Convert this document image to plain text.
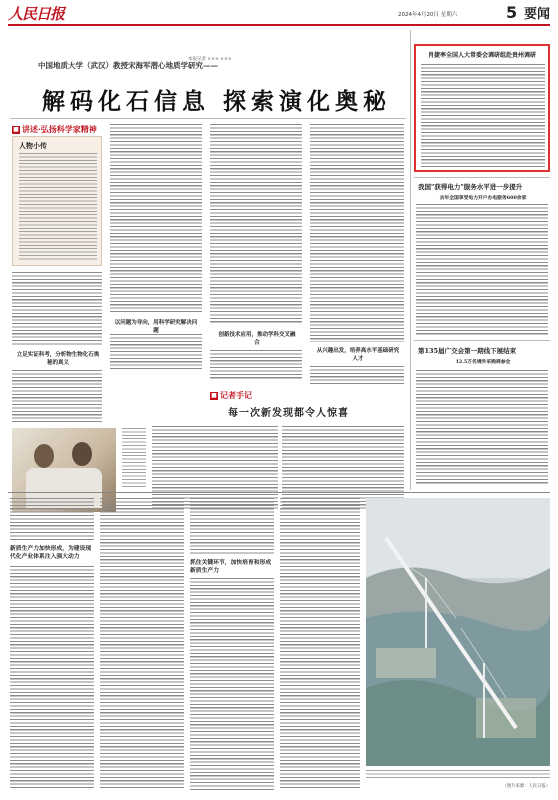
人民日报	2024年4月20日 星期六	5 要闻
中国地质大学（武汉）教授宋海军潜心地质学研究——
解码化石信息 探索演化奥秘
本报记者 ××× ×××
■ 讲述·弘扬科学家精神
人物小传
立足实证科考，分析物生物化石奥秘的真义
以问题为导向，用科学研究解决问题
创新技术应用，推动学科交叉融合
从兴趣出发，培养高水平基础研究人才
■ 记者手记
每一次新发现都令人惊喜
肖捷率全国人大常委会调研组赴贵州调研
我国"获得电力"服务水平进一步提升
去年全国享受电力开户办电服务600余家
第135届广交会第一期线下展结束
12.5万名境外采购商参会
新质生产力加快形成，为建设现代化产业体系注入强大动力
抓住关键环节，加快培育和形成新质生产力
（图片来源：人民日报）
